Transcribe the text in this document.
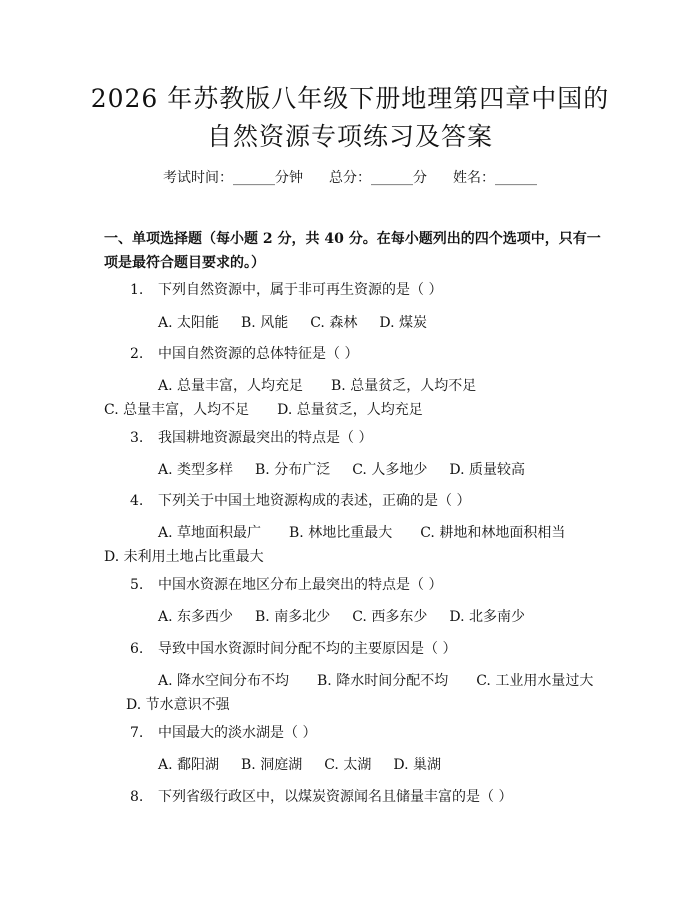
2026 年苏教版八年级下册地理第四章中国的
自然资源专项练习及答案
考试时间：______分钟 总分：______分 姓名：______
一、单项选择题（每小题 2 分，共 40 分。在每小题列出的四个选项中，只有一项是最符合题目要求的。）
1. 下列自然资源中，属于非可再生资源的是（ ）
A. 太阳能 B. 风能 C. 森林 D. 煤炭
2. 中国自然资源的总体特征是（ ）
A. 总量丰富，人均充足 B. 总量贫乏，人均不足C. 总量丰富，人均不足 D. 总量贫乏，人均充足
3. 我国耕地资源最突出的特点是（ ）
A. 类型多样 B. 分布广泛 C. 人多地少 D. 质量较高
4. 下列关于中国土地资源构成的表述，正确的是（ ）
A. 草地面积最广 B. 林地比重最大 C. 耕地和林地面积相当D. 未利用土地占比重最大
5. 中国水资源在地区分布上最突出的特点是（ ）
A. 东多西少 B. 南多北少 C. 西多东少 D. 北多南少
6. 导致中国水资源时间分配不均的主要原因是（ ）
A. 降水空间分布不均 B. 降水时间分配不均 C. 工业用水量过大D. 节水意识不强
7. 中国最大的淡水湖是（ ）
A. 鄱阳湖 B. 洞庭湖 C. 太湖 D. 巢湖
8. 下列省级行政区中，以煤炭资源闻名且储量丰富的是（ ）
